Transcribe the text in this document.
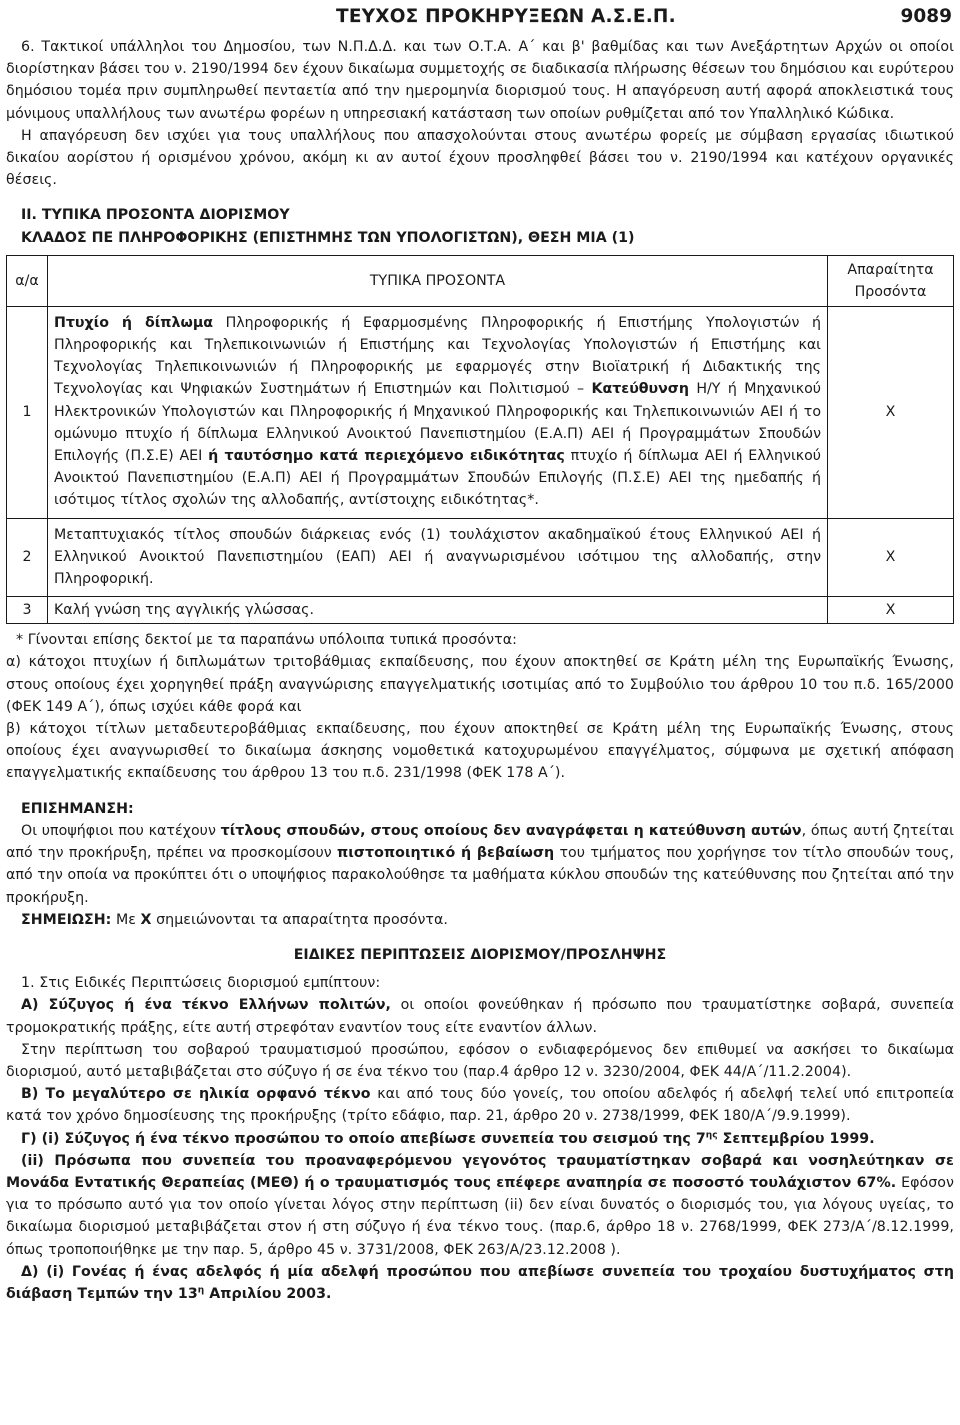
ΤΕΥΧΟΣ ΠΡΟΚΗΡΥΞΕΩΝ Α.Σ.Ε.Π.	9089

6. Τακτικοί υπάλληλοι του Δημοσίου, των Ν.Π.Δ.Δ. και των Ο.Τ.Α. Α΄ και β' βαθμίδας και των Ανεξάρτητων Αρχών οι οποίοι διορίστηκαν βάσει του ν. 2190/1994 δεν έχουν δικαίωμα συμμετοχής σε διαδικασία πλήρωσης θέσεων του δημόσιου και ευρύτερου δημόσιου τομέα πριν συμπληρωθεί πενταετία από την ημερομηνία διορισμού τους. Η απαγόρευση αυτή αφορά αποκλειστικά τους μόνιμους υπαλλήλους των ανωτέρω φορέων η υπηρεσιακή κατάσταση των οποίων ρυθμίζεται από τον Υπαλληλικό Κώδικα.

Η απαγόρευση δεν ισχύει για τους υπαλλήλους που απασχολούνται στους ανωτέρω φορείς με σύμβαση εργασίας ιδιωτικού δικαίου αορίστου ή ορισμένου χρόνου, ακόμη κι αν αυτοί έχουν προσληφθεί βάσει του ν. 2190/1994 και κατέχουν οργανικές θέσεις.

ΙΙ. ΤΥΠΙΚΑ ΠΡΟΣΟΝΤΑ ΔΙΟΡΙΣΜΟΥ

ΚΛΑΔΟΣ ΠΕ ΠΛΗΡΟΦΟΡΙΚΗΣ (ΕΠΙΣΤΗΜΗΣ ΤΩΝ ΥΠΟΛΟΓΙΣΤΩΝ), ΘΕΣΗ ΜΙΑ (1)

α/α	ΤΥΠΙΚΑ ΠΡΟΣΟΝΤΑ	Απαραίτητα Προσόντα
1	Πτυχίο ή δίπλωμα Πληροφορικής ή Εφαρμοσμένης Πληροφορικής ή Επιστήμης Υπολογιστών ή Πληροφορικής και Τηλεπικοινωνιών ή Επιστήμης και Τεχνολογίας Υπολογιστών ή Επιστήμης και Τεχνολογίας Τηλεπικοινωνιών ή Πληροφορικής με εφαρμογές στην Βιοϊατρική ή Διδακτικής της Τεχνολογίας και Ψηφιακών Συστημάτων ή Επιστημών και Πολιτισμού – Κατεύθυνση Η/Υ ή Μηχανικού Ηλεκτρονικών Υπολογιστών και Πληροφορικής ή Μηχανικού Πληροφορικής και Τηλεπικοινωνιών ΑΕΙ ή το ομώνυμο πτυχίο ή δίπλωμα Ελληνικού Ανοικτού Πανεπιστημίου (Ε.Α.Π) ΑΕΙ ή Προγραμμάτων Σπουδών Επιλογής (Π.Σ.Ε) ΑΕΙ ή ταυτόσημο κατά περιεχόμενο ειδικότητας πτυχίο ή δίπλωμα ΑΕΙ ή Ελληνικού Ανοικτού Πανεπιστημίου (Ε.Α.Π) ΑΕΙ ή Προγραμμάτων Σπουδών Επιλογής (Π.Σ.Ε) ΑΕΙ της ημεδαπής ή ισότιμος τίτλος σχολών της αλλοδαπής, αντίστοιχης ειδικότητας*.	Χ
2	Μεταπτυχιακός τίτλος σπουδών διάρκειας ενός (1) τουλάχιστον ακαδημαϊκού έτους Ελληνικού ΑΕΙ ή Ελληνικού Ανοικτού Πανεπιστημίου (ΕΑΠ) ΑΕΙ ή αναγνωρισμένου ισότιμου της αλλοδαπής, στην Πληροφορική.	Χ
3	Καλή γνώση της αγγλικής γλώσσας.	Χ

* Γίνονται επίσης δεκτοί με τα παραπάνω υπόλοιπα τυπικά προσόντα:

α) κάτοχοι πτυχίων ή διπλωμάτων τριτοβάθμιας εκπαίδευσης, που έχουν αποκτηθεί σε Κράτη μέλη της Ευρωπαϊκής Ένωσης, στους οποίους έχει χορηγηθεί πράξη αναγνώρισης επαγγελματικής ισοτιμίας από το Συμβούλιο του άρθρου 10 του π.δ. 165/2000 (ΦΕΚ 149 Α΄), όπως ισχύει κάθε φορά και

β) κάτοχοι τίτλων μεταδευτεροβάθμιας εκπαίδευσης, που έχουν αποκτηθεί σε Κράτη μέλη της Ευρωπαϊκής Ένωσης, στους οποίους έχει αναγνωρισθεί το δικαίωμα άσκησης νομοθετικά κατοχυρωμένου επαγγέλματος, σύμφωνα με σχετική απόφαση επαγγελματικής εκπαίδευσης του άρθρου 13 του π.δ. 231/1998 (ΦΕΚ 178 Α΄).

ΕΠΙΣΗΜΑΝΣΗ:

Οι υποψήφιοι που κατέχουν τίτλους σπουδών, στους οποίους δεν αναγράφεται η κατεύθυνση αυτών, όπως αυτή ζητείται από την προκήρυξη, πρέπει να προσκομίσουν πιστοποιητικό ή βεβαίωση του τμήματος που χορήγησε τον τίτλο σπουδών τους, από την οποία να προκύπτει ότι ο υποψήφιος παρακολούθησε τα μαθήματα κύκλου σπουδών της κατεύθυνσης που ζητείται από την προκήρυξη.

ΣΗΜΕΙΩΣΗ: Με Χ σημειώνονται τα απαραίτητα προσόντα.

ΕΙΔΙΚΕΣ ΠΕΡΙΠΤΩΣΕΙΣ ΔΙΟΡΙΣΜΟΥ/ΠΡΟΣΛΗΨΗΣ

1. Στις Ειδικές Περιπτώσεις διορισμού εμπίπτουν:

Α) Σύζυγος ή ένα τέκνο Ελλήνων πολιτών, οι οποίοι φονεύθηκαν ή πρόσωπο που τραυματίστηκε σοβαρά, συνεπεία τρομοκρατικής πράξης, είτε αυτή στρεφόταν εναντίον τους είτε εναντίον άλλων.

Στην περίπτωση του σοβαρού τραυματισμού προσώπου, εφόσον ο ενδιαφερόμενος δεν επιθυμεί να ασκήσει το δικαίωμα διορισμού, αυτό μεταβιβάζεται στο σύζυγο ή σε ένα τέκνο του (παρ.4 άρθρο 12 ν. 3230/2004, ΦΕΚ 44/Α΄/11.2.2004).

Β) Το μεγαλύτερο σε ηλικία ορφανό τέκνο και από τους δύο γονείς, του οποίου αδελφός ή αδελφή τελεί υπό επιτροπεία κατά τον χρόνο δημοσίευσης της προκήρυξης (τρίτο εδάφιο, παρ. 21, άρθρο 20 ν. 2738/1999, ΦΕΚ 180/Α΄/9.9.1999).

Γ) (i) Σύζυγος ή ένα τέκνο προσώπου το οποίο απεβίωσε συνεπεία του σεισμού της $7^{\eta\varsigma}$ Σεπτεμβρίου 1999.

(ii) Πρόσωπα που συνεπεία του προαναφερόμενου γεγονότος τραυματίστηκαν σοβαρά και νοσηλεύτηκαν σε Μονάδα Εντατικής Θεραπείας (ΜΕΘ) ή ο τραυματισμός τους επέφερε αναπηρία σε ποσοστό τουλάχιστον 67%. Εφόσον για το πρόσωπο αυτό για τον οποίο γίνεται λόγος στην περίπτωση (ii) δεν είναι δυνατός ο διορισμός του, για λόγους υγείας, το δικαίωμα διορισμού μεταβιβάζεται στον ή στη σύζυγο ή ένα τέκνο τους. (παρ.6, άρθρο 18 ν. 2768/1999, ΦΕΚ 273/Α΄/8.12.1999, όπως τροποποιήθηκε με την παρ. 5, άρθρο 45 ν. 3731/2008, ΦΕΚ 263/Α/23.12.2008 ).

Δ) (i) Γονέας ή ένας αδελφός ή μία αδελφή προσώπου που απεβίωσε συνεπεία του τροχαίου δυστυχήματος στη διάβαση Τεμπών την $13^\eta$ Απριλίου 2003.
